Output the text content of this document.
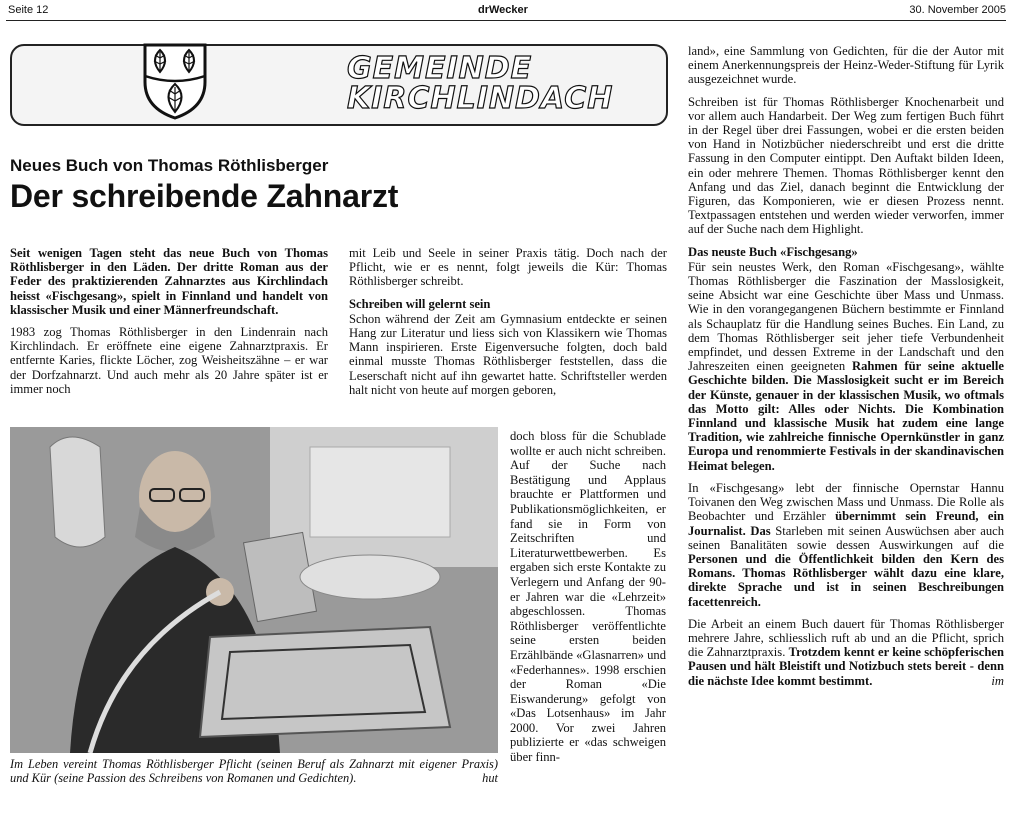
Seite 12	drWecker	30. November 2005
GEMEINDE
KIRCHLINDACH
Neues Buch von Thomas Röthlisberger
Der schreibende Zahnarzt

Seit wenigen Tagen steht das neue Buch von Thomas Röthlisberger in den Läden. Der dritte Roman aus der Feder des praktizierenden Zahnarztes aus Kirchlindach heisst «Fischgesang», spielt in Finnland und handelt von klassischer Musik und einer Männerfreundschaft.

1983 zog Thomas Röthlisberger in den Lindenrain nach Kirchlindach. Er eröffnete eine eigene Zahnarztpraxis. Er entfernte Karies, flickte Löcher, zog Weisheitszähne – er war der Dorfzahnarzt. Und auch mehr als 20 Jahre später ist er immer noch

mit Leib und Seele in seiner Praxis tätig. Doch nach der Pflicht, wie er es nennt, folgt jeweils die Kür: Thomas Röthlisberger schreibt.

Schreiben will gelernt sein

Schon während der Zeit am Gymnasium entdeckte er seinen Hang zur Literatur und liess sich von Klassikern wie Thomas Mann inspirieren. Erste Eigenversuche folgten, doch bald einmal musste Thomas Röthlisberger feststellen, dass die Leserschaft nicht auf ihn gewartet hatte. Schriftsteller werden halt nicht von heute auf morgen geboren,

doch bloss für die Schublade wollte er auch nicht schreiben. Auf der Suche nach Bestätigung und Applaus brauchte er Plattformen und Publikationsmöglichkeiten, er fand sie in Form von Zeitschriften und Literaturwettbewerben. Es ergaben sich erste Kontakte zu Verlegern und Anfang der 90-er Jahren war die «Lehrzeit» abgeschlossen. Thomas Röthlisberger veröffentlichte seine ersten beiden Erzählbände «Glasnarren» und «Federhannes». 1998 erschien der Roman «Die Eiswanderung» gefolgt von «Das Lotsenhaus» im Jahr 2000. Vor zwei Jahren publizierte er «das schweigen über finn-

Im Leben vereint Thomas Röthlisberger Pflicht (seinen Beruf als Zahnarzt mit eigener Praxis) und Kür (seine Passion des Schreibens von Romanen und Gedichten).	hut

land», eine Sammlung von Gedichten, für die der Autor mit einem Anerkennungspreis der Heinz-Weder-Stiftung für Lyrik ausgezeichnet wurde.

Schreiben ist für Thomas Röthlisberger Knochenarbeit und vor allem auch Handarbeit. Der Weg zum fertigen Buch führt in der Regel über drei Fassungen, wobei er die ersten beiden von Hand in Notizbücher niederschreibt und erst die dritte Fassung in den Computer eintippt. Den Auftakt bilden Ideen, ein oder mehrere Themen. Thomas Röthlisberger kennt den Anfang und das Ziel, danach beginnt die Entwicklung der Figuren, das Komponieren, wie er diesen Prozess nennt. Textpassagen entstehen und werden wieder verworfen, immer auf der Suche nach dem Highlight.

Das neuste Buch «Fischgesang»

Für sein neustes Werk, den Roman «Fischgesang», wählte Thomas Röthlisberger die Faszination der Masslosigkeit, seine Absicht war eine Geschichte über Mass und Unmass. Wie in den vorangegangenen Büchern bestimmte er Finnland als Schauplatz für die Handlung seines Buches. Ein Land, zu dem Thomas Röthlisberger seit jeher tiefe Verbundenheit empfindet, und dessen Extreme in der Landschaft und den Jahreszeiten einen geeigneten Rahmen für seine aktuelle Geschichte bilden. Die Masslosigkeit sucht er im Bereich der Künste, genauer in der klassischen Musik, wo oftmals das Motto gilt: Alles oder Nichts. Die Kombination Finnland und klassische Musik hat zudem eine lange Tradition, wie zahlreiche finnische Opernkünstler in ganz Europa und renommierte Festivals in der skandinavischen Heimat belegen.

In «Fischgesang» lebt der finnische Opernstar Hannu Toivanen den Weg zwischen Mass und Unmass. Die Rolle als Beobachter und Erzähler übernimmt sein Freund, ein Journalist. Das Starleben mit seinen Auswüchsen aber auch seinen Banalitäten sowie dessen Auswirkungen auf die Personen und die Öffentlichkeit bilden den Kern des Romans. Thomas Röthlisberger wählt dazu eine klare, direkte Sprache und ist in seinen Beschreibungen facettenreich.

Die Arbeit an einem Buch dauert für Thomas Röthlisberger mehrere Jahre, schliesslich ruft ab und an die Pflicht, sprich die Zahnarztpraxis. Trotzdem kennt er keine schöpferischen Pausen und hält Bleistift und Notizbuch stets bereit - denn die nächste Idee kommt bestimmt.	im
